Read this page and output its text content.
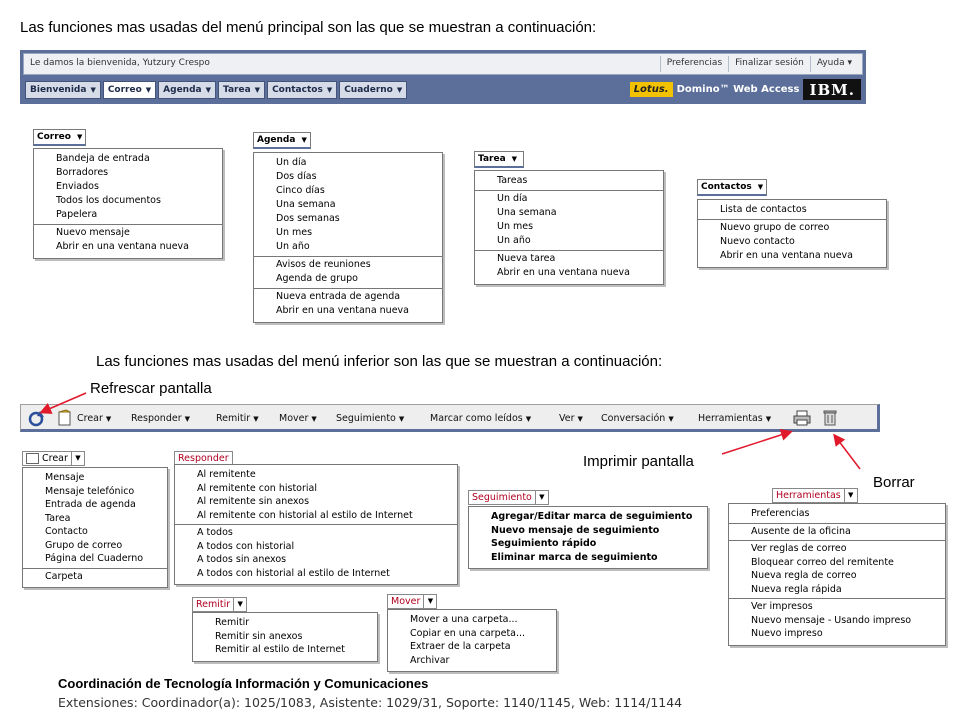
Las funciones mas usadas del menú principal son las que se muestran a continuación:
Las funciones mas usadas del menú inferior son las que se muestran a continuación:
Le damos la bienvenida, Yutzury Crespo	Preferencias	Finalizar sesión	Ayuda ▾
Bienvenida ▼ Correo ▼ Agenda ▼ Tarea ▼ Contactos ▼ Cuaderno ▼	Lotus. Domino™ Web Access IBM.
Correo ▼
Bandeja de entrada
Borradores
Enviados
Todos los documentos
Papelera
Nuevo mensaje
Abrir en una ventana nueva
Agenda ▼
Un día
Dos días
Cinco días
Una semana
Dos semanas
Un mes
Un año
Avisos de reuniones
Agenda de grupo
Nueva entrada de agenda
Abrir en una ventana nueva
Tarea ▼
Tareas
Un día
Una semana
Un mes
Un año
Nueva tarea
Abrir en una ventana nueva
Contactos ▼
Lista de contactos
Nuevo grupo de correo
Nuevo contacto
Abrir en una ventana nueva
Refrescar pantalla
Imprimir pantalla
Borrar
Crear ▼ Responder ▼	Remitir ▼ Mover ▼ Seguimiento ▼	Marcar como leídos ▼	Ver ▼ Conversación ▼	Herramientas ▼
Crear	▼
Mensaje
Mensaje telefónico
Entrada de agenda
Tarea
Contacto
Grupo de correo
Página del Cuaderno
Carpeta
Responder
Al remitente
Al remitente con historial
Al remitente sin anexos
Al remitente con historial al estilo de Internet
A todos
A todos con historial
A todos sin anexos
A todos con historial al estilo de Internet
Seguimiento	▼
Agregar/Editar marca de seguimiento
Nuevo mensaje de seguimiento
Seguimiento rápido
Eliminar marca de seguimiento
Herramientas	▼
Preferencias
Ausente de la oficina
Ver reglas de correo
Bloquear correo del remitente
Nueva regla de correo
Nueva regla rápida
Ver impresos
Nuevo mensaje - Usando impreso
Nuevo impreso
Remitir	▼
Remitir
Remitir sin anexos
Remitir al estilo de Internet
Mover	▼
Mover a una carpeta...
Copiar en una carpeta...
Extraer de la carpeta
Archivar
Coordinación de Tecnología Información y Comunicaciones
Extensiones: Coordinador(a): 1025/1083, Asistente: 1029/31, Soporte: 1140/1145, Web: 1114/1144
